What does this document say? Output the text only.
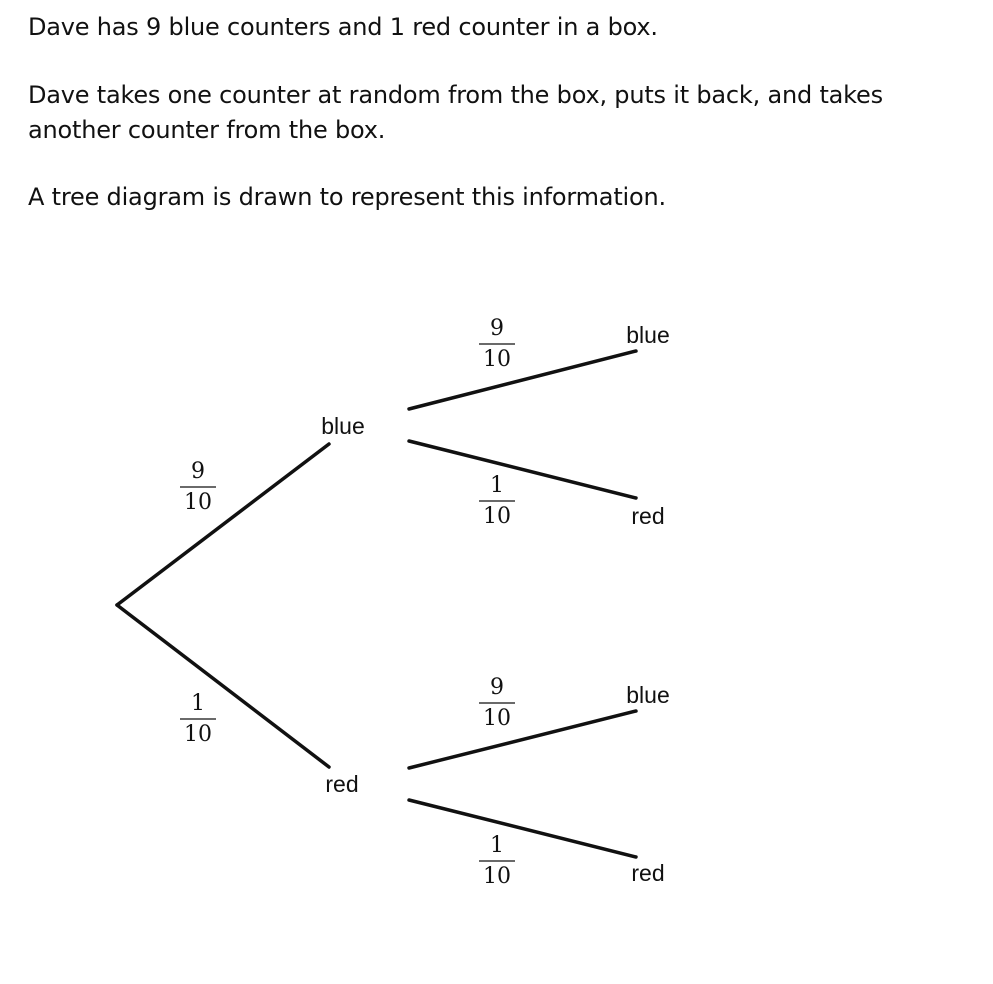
Dave has 9 blue counters and 1 red counter in a box.

Dave takes one counter at random from the box, puts it back, and takes another counter from the box.

A tree diagram is drawn to represent this information.

blue
red
blue
red
blue
red
9
10
1
10
9
10
1
10
9
10
1
10
